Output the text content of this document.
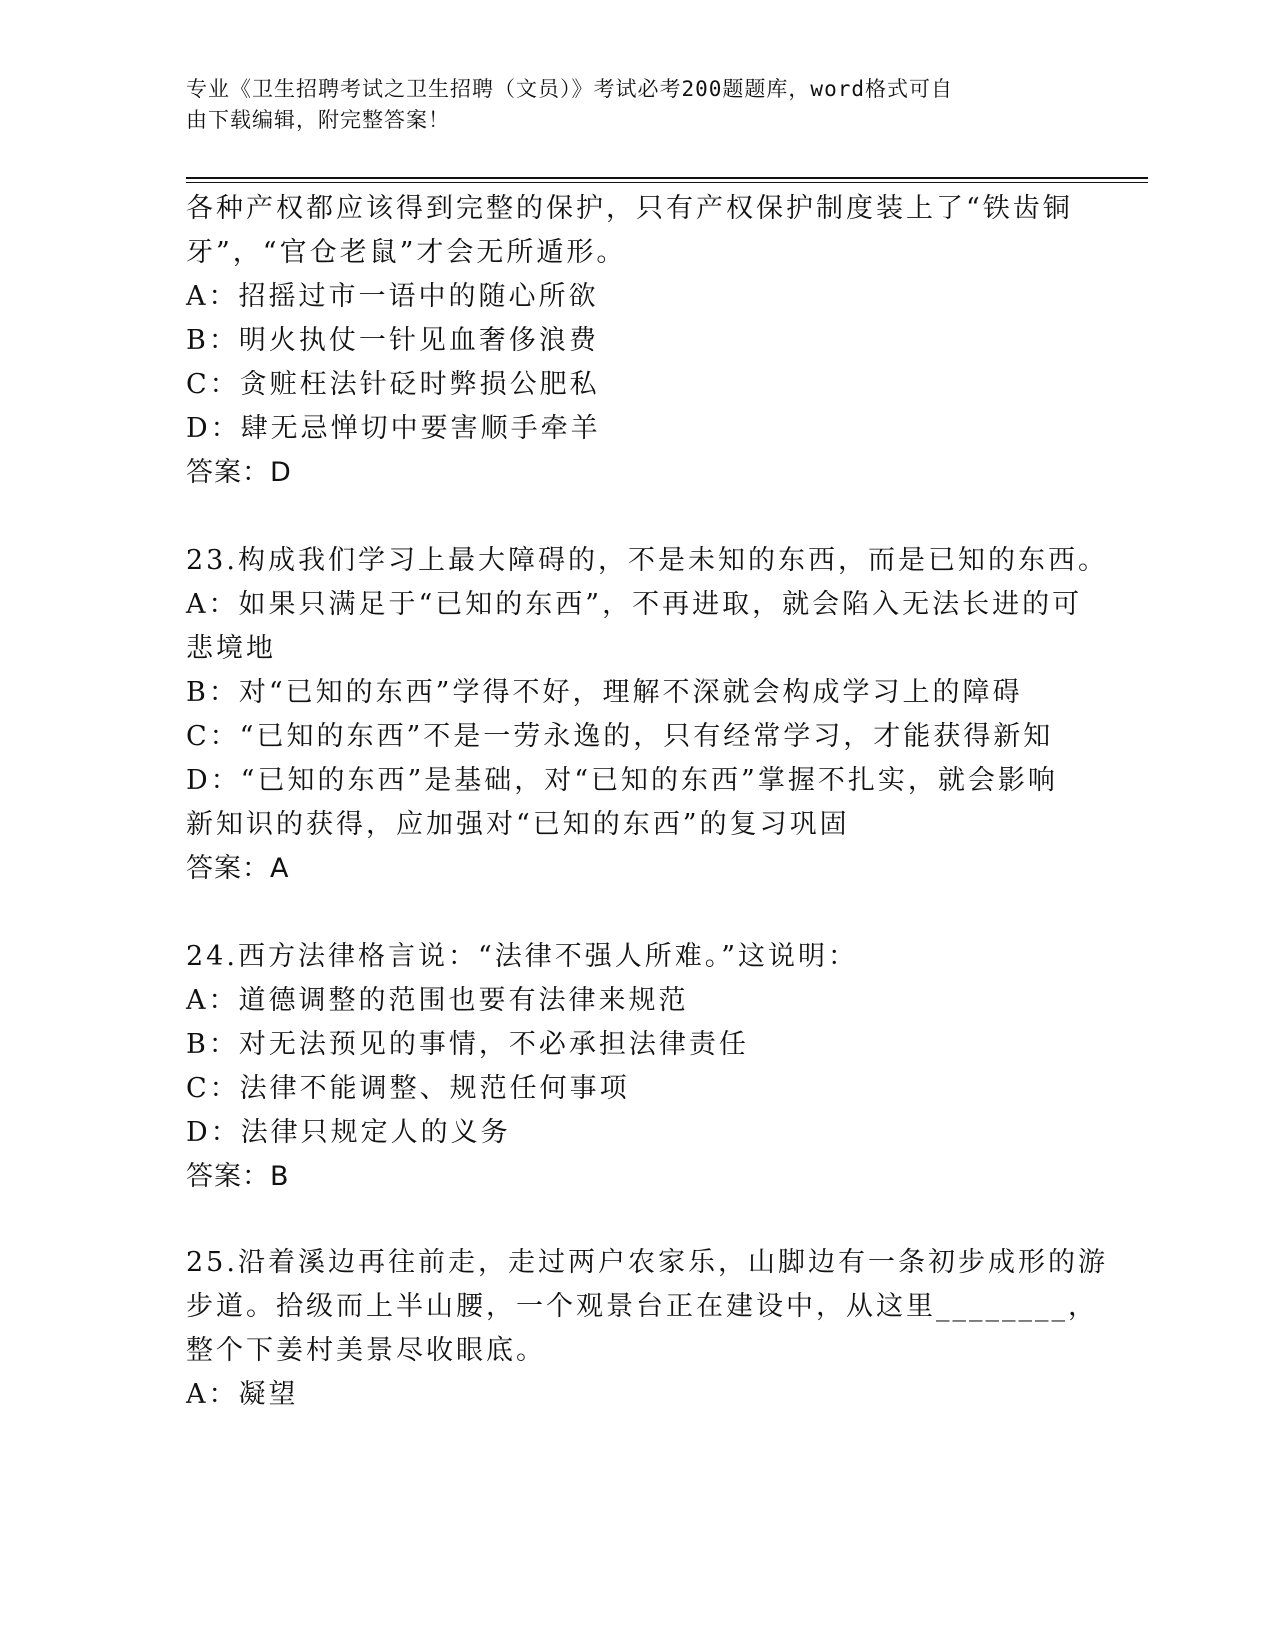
专业《卫生招聘考试之卫生招聘（文员）》考试必考200题题库，word格式可自
由下载编辑，附完整答案！
各种产权都应该得到完整的保护，只有产权保护制度装上了“铁齿铜
牙”，“官仓老鼠”才会无所遁形。
A：招摇过市一语中的随心所欲
B：明火执仗一针见血奢侈浪费
C：贪赃枉法针砭时弊损公肥私
D：肆无忌惮切中要害顺手牵羊
答案：D
23.构成我们学习上最大障碍的，不是未知的东西，而是已知的东西。
A：如果只满足于“已知的东西”，不再进取，就会陷入无法长进的可
悲境地
B：对“已知的东西”学得不好，理解不深就会构成学习上的障碍
C：“已知的东西”不是一劳永逸的，只有经常学习，才能获得新知
D：“已知的东西”是基础，对“已知的东西”掌握不扎实，就会影响
新知识的获得，应加强对“已知的东西”的复习巩固
答案：A
24.西方法律格言说：“法律不强人所难。”这说明：
A：道德调整的范围也要有法律来规范
B：对无法预见的事情，不必承担法律责任
C：法律不能调整、规范任何事项
D：法律只规定人的义务
答案：B
25.沿着溪边再往前走，走过两户农家乐，山脚边有一条初步成形的游
步道。拾级而上半山腰，一个观景台正在建设中，从这里________，
整个下姜村美景尽收眼底。
A：凝望
